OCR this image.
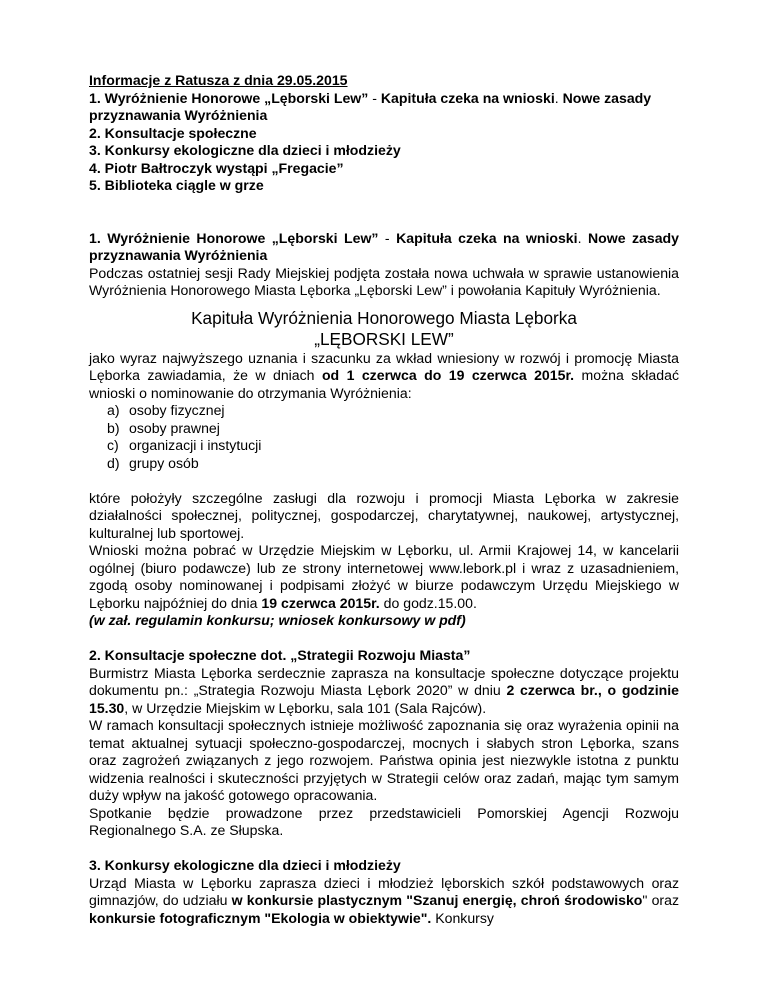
Informacje z Ratusza z dnia 29.05.2015

1. Wyróżnienie Honorowe „Lęborski Lew” - Kapituła czeka na wnioski. Nowe zasady przyznawania Wyróżnienia

2. Konsultacje społeczne

3. Konkursy ekologiczne dla dzieci i młodzieży

4. Piotr Bałtroczyk wystąpi „Fregacie”

5. Biblioteka ciągle w grze

1. Wyróżnienie Honorowe „Lęborski Lew” - Kapituła czeka na wnioski. Nowe zasady przyznawania Wyróżnienia

Podczas ostatniej sesji Rady Miejskiej podjęta została nowa uchwała w sprawie ustanowienia Wyróżnienia Honorowego Miasta Lęborka „Lęborski Lew” i powołania Kapituły Wyróżnienia.

Kapituła Wyróżnienia Honorowego Miasta Lęborka

„LĘBORSKI LEW”

jako wyraz najwyższego uznania i szacunku za wkład wniesiony w rozwój i promocję Miasta Lęborka zawiadamia, że w dniach od 1 czerwca do 19 czerwca 2015r. można składać wnioski o nominowanie do otrzymania Wyróżnienia:

a) osoby fizycznej
b) osoby prawnej
c) organizacji i instytucji
d) grupy osób

które położyły szczególne zasługi dla rozwoju i promocji Miasta Lęborka w zakresie działalności społecznej, politycznej, gospodarczej, charytatywnej, naukowej, artystycznej, kulturalnej lub sportowej.

Wnioski można pobrać w Urzędzie Miejskim w Lęborku, ul. Armii Krajowej 14, w kancelarii ogólnej (biuro podawcze) lub ze strony internetowej www.lebork.pl i wraz z uzasadnieniem, zgodą osoby nominowanej i podpisami złożyć w biurze podawczym Urzędu Miejskiego w Lęborku najpóźniej do dnia 19 czerwca 2015r. do godz.15.00.

(w zał. regulamin konkursu; wniosek konkursowy w pdf)

2. Konsultacje społeczne dot. „Strategii Rozwoju Miasta”

Burmistrz Miasta Lęborka serdecznie zaprasza na konsultacje społeczne dotyczące projektu dokumentu pn.: „Strategia Rozwoju Miasta Lębork 2020” w dniu 2 czerwca br., o godzinie 15.30, w Urzędzie Miejskim w Lęborku, sala 101 (Sala Rajców).

W ramach konsultacji społecznych istnieje możliwość zapoznania się oraz wyrażenia opinii na temat aktualnej sytuacji społeczno-gospodarczej, mocnych i słabych stron Lęborka, szans oraz zagrożeń związanych z jego rozwojem. Państwa opinia jest niezwykle istotna z punktu widzenia realności i skuteczności przyjętych w Strategii celów oraz zadań, mając tym samym duży wpływ na jakość gotowego opracowania.

Spotkanie będzie prowadzone przez przedstawicieli Pomorskiej Agencji Rozwoju Regionalnego S.A. ze Słupska.

3. Konkursy ekologiczne dla dzieci i młodzieży

Urząd Miasta w Lęborku zaprasza dzieci i młodzież lęborskich szkół podstawowych oraz gimnazjów, do udziału w konkursie plastycznym "Szanuj energię, chroń środowisko" oraz konkursie fotograficznym "Ekologia w obiektywie". Konkursy
